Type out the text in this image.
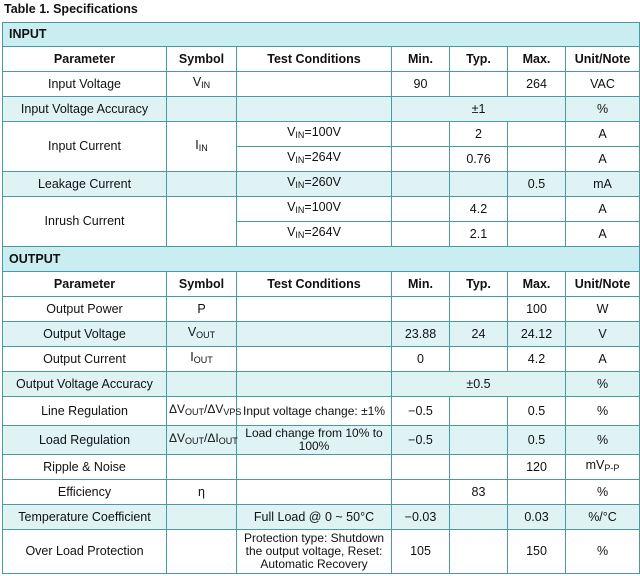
Table 1. Specifications
INPUT						
Parameter	Symbol	Test Conditions	Min.	Typ.	Max.	Unit/Note
Input Voltage	$V_{IN}$		90		264	VAC
Input Voltage Accuracy			±1			%
Input Current	$I_{IN}$	$V_{IN}=100V$		2		A
		$V_{IN}=264V$		0.76		A
Leakage Current		$V_{IN}=260V$			0.5	mA
Inrush Current		$V_{IN}=100V$		4.2		A
		$V_{IN}=264V$		2.1		A
OUTPUT						
Parameter	Symbol	Test Conditions	Min.	Typ.	Max.	Unit/Note
Output Power	P				100	W
Output Voltage	$V_{OUT}$		23.88	24	24.12	V
Output Current	$I_{OUT}$		0		4.2	A
Output Voltage Accuracy			±0.5			%
Line Regulation	$\Delta V_{OUT}/\Delta V_{VPS}$	Input voltage change: ±1%	−0.5		0.5	%
Load Regulation	$\Delta V_{OUT}/\Delta I_{OUT}$	Load change from 10% to 100%	−0.5		0.5	%
Ripple & Noise					120	$mV_{P-P}$
Efficiency	η			83		%
Temperature Coefficient		Full Load @ 0 ~ 50°C	−0.03		0.03	%/°C
Over Load Protection		Protection type: Shutdown the output voltage, Reset: Automatic Recovery	105		150	%
